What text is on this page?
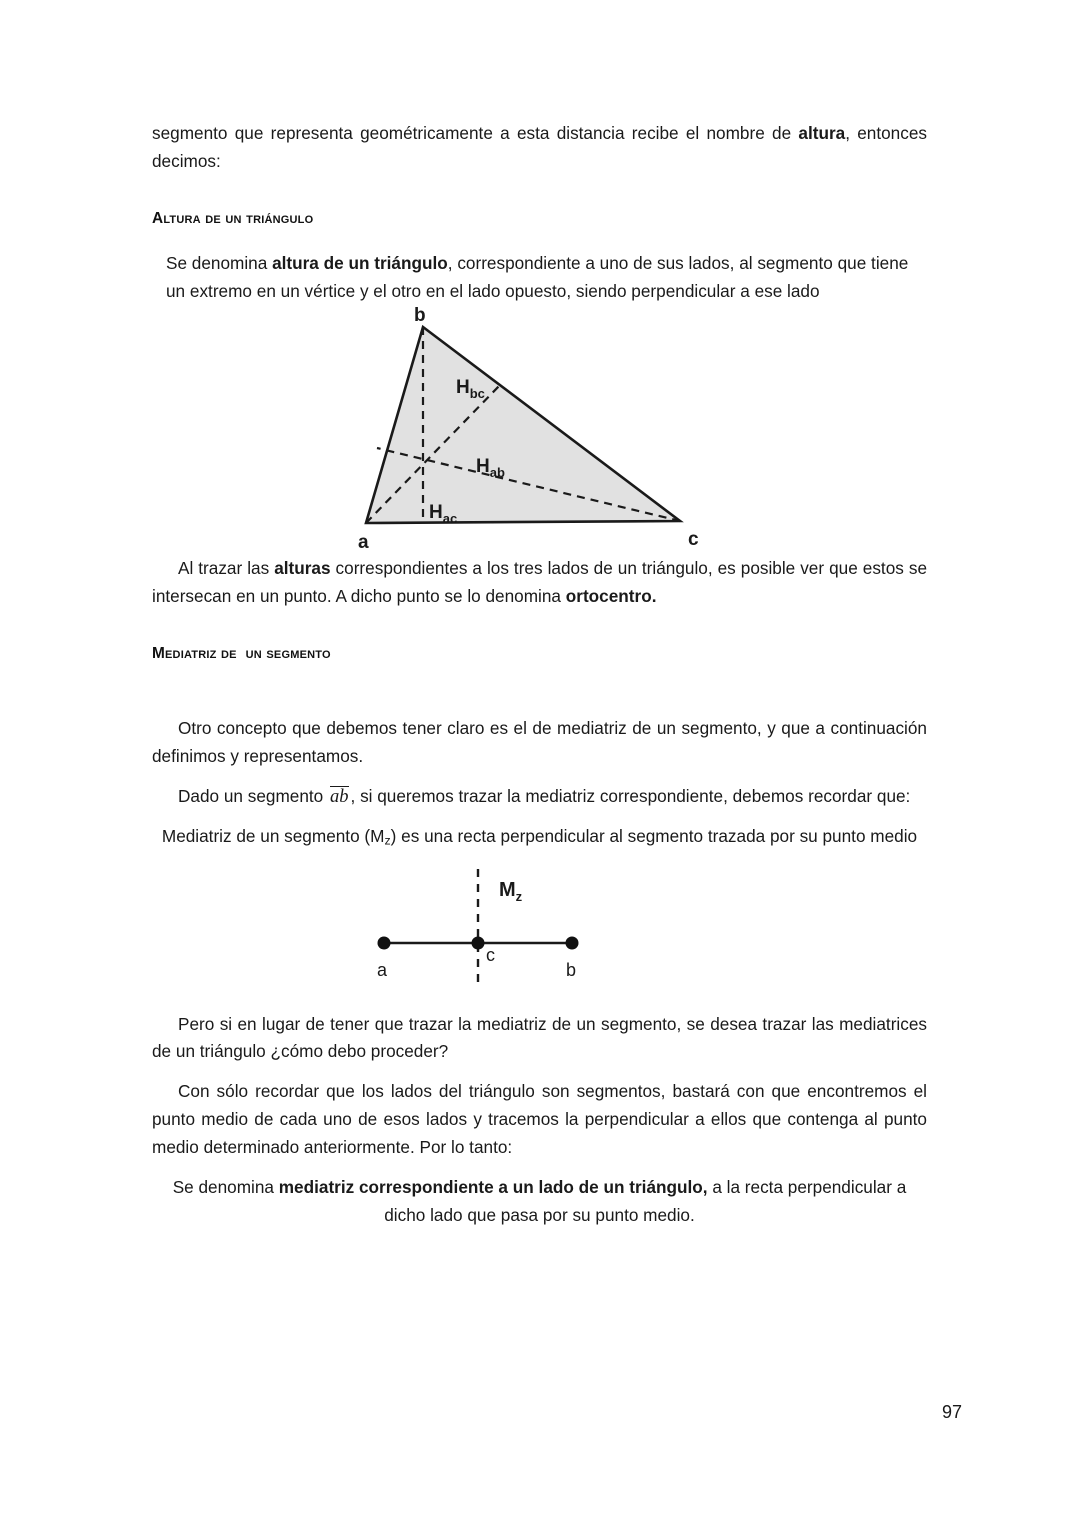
segmento que representa geométricamente a esta distancia recibe el nombre de altura, entonces decimos:

Altura de un triángulo

Se denomina altura de un triángulo, correspondiente a uno de sus lados, al segmento que tiene un extremo en un vértice y el otro en el lado opuesto, siendo perpendicular a ese lado

a
b
c
$H_{bc}$
$H_{ab}$
$H_{ac}$

Al trazar las alturas correspondientes a los tres lados de un triángulo, es posible ver que estos se intersecan en un punto. A dicho punto se lo denomina ortocentro.

Mediatriz de  un segmento

Otro concepto que debemos tener claro es el de mediatriz de un segmento, y que a continuación definimos y representamos.

Dado un segmento ab , si queremos trazar la mediatriz correspondiente, debemos recordar que:

Mediatriz de un segmento $(M_z)$ es una recta perpendicular al segmento trazada por su punto medio

$M_z$
a
c
b

Pero si en lugar de tener que trazar la mediatriz de un segmento, se desea trazar las mediatrices de un triángulo ¿cómo debo proceder?

Con sólo recordar que los lados del triángulo son segmentos, bastará con que encontremos el punto medio de cada uno de esos lados y tracemos la perpendicular a ellos que contenga al punto medio determinado anteriormente. Por lo tanto:

Se denomina mediatriz correspondiente a un lado de un triángulo, a la recta perpendicular a dicho lado que pasa por su punto medio.

97
